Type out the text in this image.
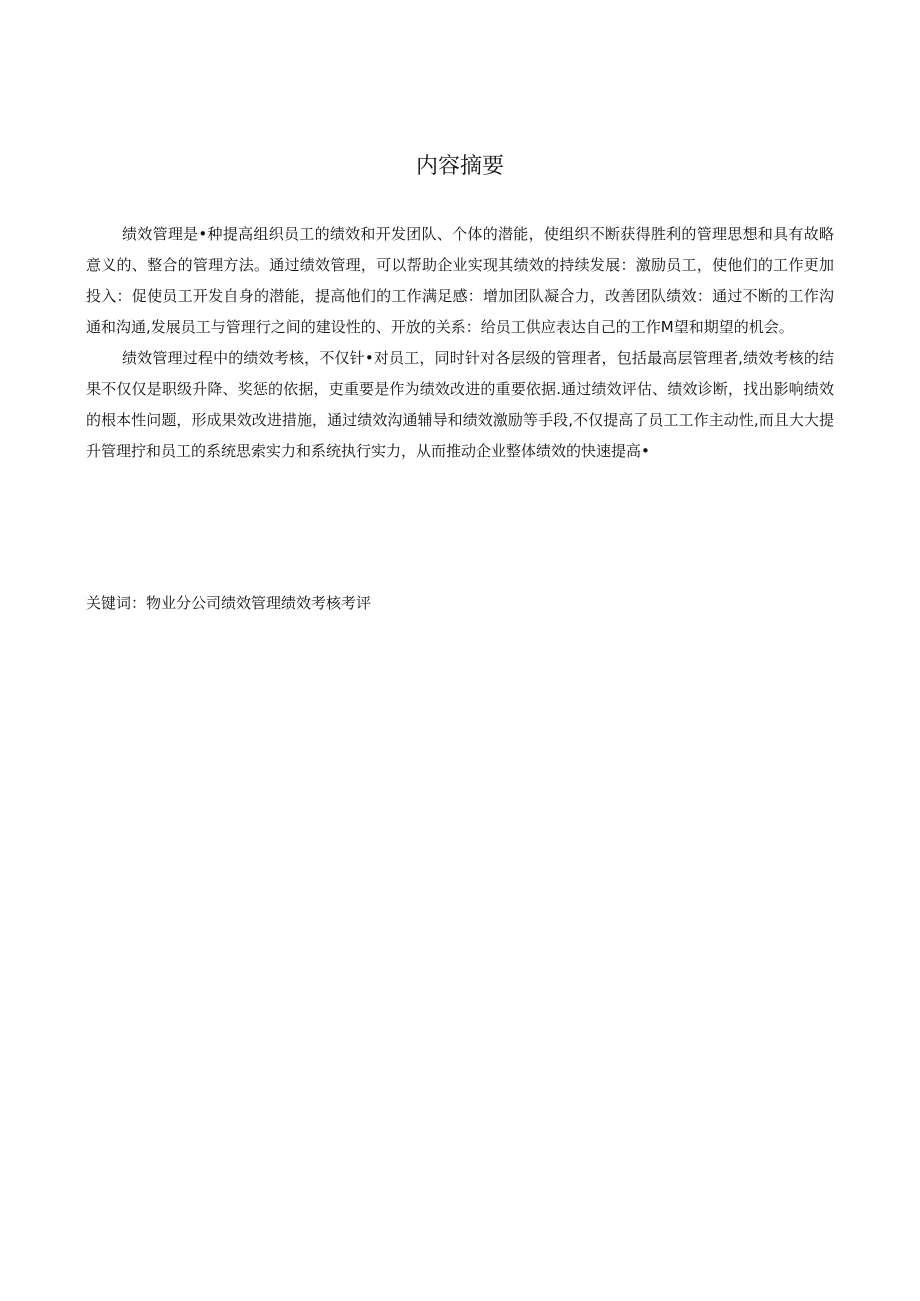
内容摘要

绩效管理是•种提高组织员工的绩效和开发团队、个体的潜能，使组织不断获得胜利的管理思想和具有故略意义的、整合的管理方法。通过绩效管理，可以帮助企业实现其绩效的持续发展：激励员工，使他们的工作更加投入：促使员工开发自身的潜能，提高他们的工作满足感：增加团队凝合力，改善团队绩效：通过不断的工作沟通和沟通,发展员工与管理行之间的建设性的、开放的关系：给员工供应表达自己的工作M望和期望的机会。

绩效管理过程中的绩效考核，不仅针•对员工，同时针对各层级的管理者，包括最高层管理者,绩效考核的结果不仅仅是职级升降、奖惩的依据，吏重要是作为绩效改进的重要依据.通过绩效评估、绩效诊断，找出影响绩效的根本性问题，形成果效改进措施，通过绩效沟通辅导和绩效激励等手段,不仅提高了员工工作主动性,而且大大提升管理拧和员工的系统思索实力和系统执行实力，从而推动企业整体绩效的快速提高•

关键词：物业分公司绩效管理绩效考核考评
